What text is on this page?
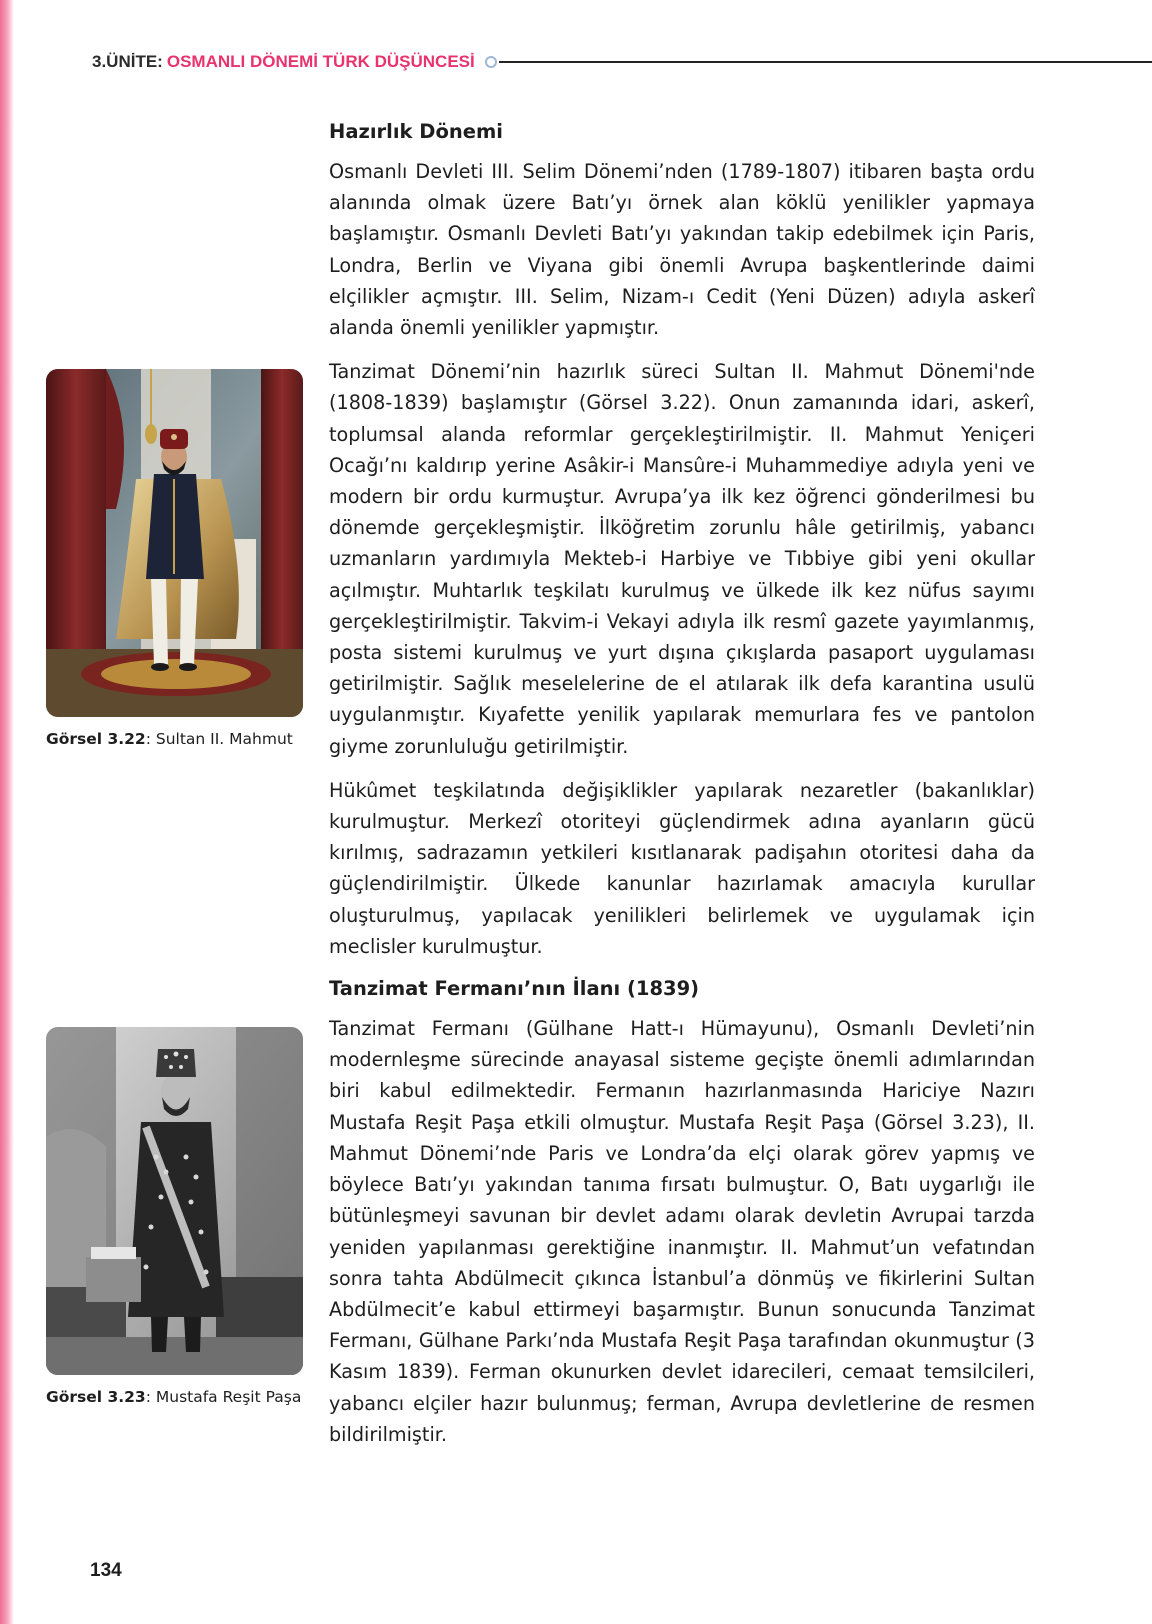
3.ÜNİTE: OSMANLI DÖNEMİ TÜRK DÜŞÜNCESİ
Görsel 3.22: Sultan II. Mahmut
Görsel 3.23: Mustafa Reşit Paşa
Hazırlık Dönemi

Osmanlı Devleti III. Selim Dönemi’nden (1789-1807) itibaren başta ordu alanında olmak üzere Batı’yı örnek alan köklü yenilikler yapmaya başlamıştır. Osmanlı Devleti Batı’yı yakından takip edebilmek için Paris, Londra, Berlin ve Viyana gibi önemli Avrupa başkentlerinde daimi elçilikler açmıştır. III. Selim, Nizam-ı Cedit (Yeni Düzen) adıyla askerî alanda önemli yenilikler yapmıştır.

Tanzimat Dönemi’nin hazırlık süreci Sultan II. Mahmut Dönemi'nde (1808-1839) başlamıştır (Görsel 3.22). Onun zamanında idari, askerî, toplumsal alanda reformlar gerçekleştirilmiştir. II. Mahmut Yeniçeri Ocağı’nı kaldırıp yerine Asâkir-i Mansûre-i Muhammediye adıyla yeni ve modern bir ordu kurmuştur. Avrupa’ya ilk kez öğrenci gönderilmesi bu dönemde gerçekleşmiştir. İlköğretim zorunlu hâle getirilmiş, yabancı uzmanların yardımıyla Mekteb-i Harbiye ve Tıbbiye gibi yeni okullar açılmıştır. Muhtarlık teşkilatı kurulmuş ve ülkede ilk kez nüfus sayımı gerçekleştirilmiştir. Takvim-i Vekayi adıyla ilk resmî gazete yayımlanmış, posta sistemi kurulmuş ve yurt dışına çıkışlarda pasaport uygulaması getirilmiştir. Sağlık meselelerine de el atılarak ilk defa karantina usulü uygulanmıştır. Kıyafette yenilik yapılarak memurlara fes ve pantolon giyme zorunluluğu getirilmiştir.

Hükûmet teşkilatında değişiklikler yapılarak nezaretler (bakanlıklar) kurulmuştur. Merkezî otoriteyi güçlendirmek adına ayanların gücü kırılmış, sadrazamın yetkileri kısıtlanarak padişahın otoritesi daha da güçlendirilmiştir. Ülkede kanunlar hazırlamak amacıyla kurullar oluşturulmuş, yapılacak yenilikleri belirlemek ve uygulamak için meclisler kurulmuştur.

Tanzimat Fermanı’nın İlanı (1839)

Tanzimat Fermanı (Gülhane Hatt-ı Hümayunu), Osmanlı Devleti’nin modernleşme sürecinde anayasal sisteme geçişte önemli adımlarından biri kabul edilmektedir. Fermanın hazırlanmasında Hariciye Nazırı Mustafa Reşit Paşa etkili olmuştur. Mustafa Reşit Paşa (Görsel 3.23), II. Mahmut Dönemi’nde Paris ve Londra’da elçi olarak görev yapmış ve böylece Batı’yı yakından tanıma fırsatı bulmuştur. O, Batı uygarlığı ile bütünleşmeyi savunan bir devlet adamı olarak devletin Avrupai tarzda yeniden yapılanması gerektiğine inanmıştır. II. Mahmut’un vefatından sonra tahta Abdülmecit çıkınca İstanbul’a dönmüş ve fikirlerini Sultan Abdülmecit’e kabul ettirmeyi başarmıştır. Bunun sonucunda Tanzimat Fermanı, Gülhane Parkı’nda Mustafa Reşit Paşa tarafından okunmuştur (3 Kasım 1839). Ferman okunurken devlet idarecileri, cemaat temsilcileri, yabancı elçiler hazır bulunmuş; ferman, Avrupa devletlerine de resmen bildirilmiştir.

134
